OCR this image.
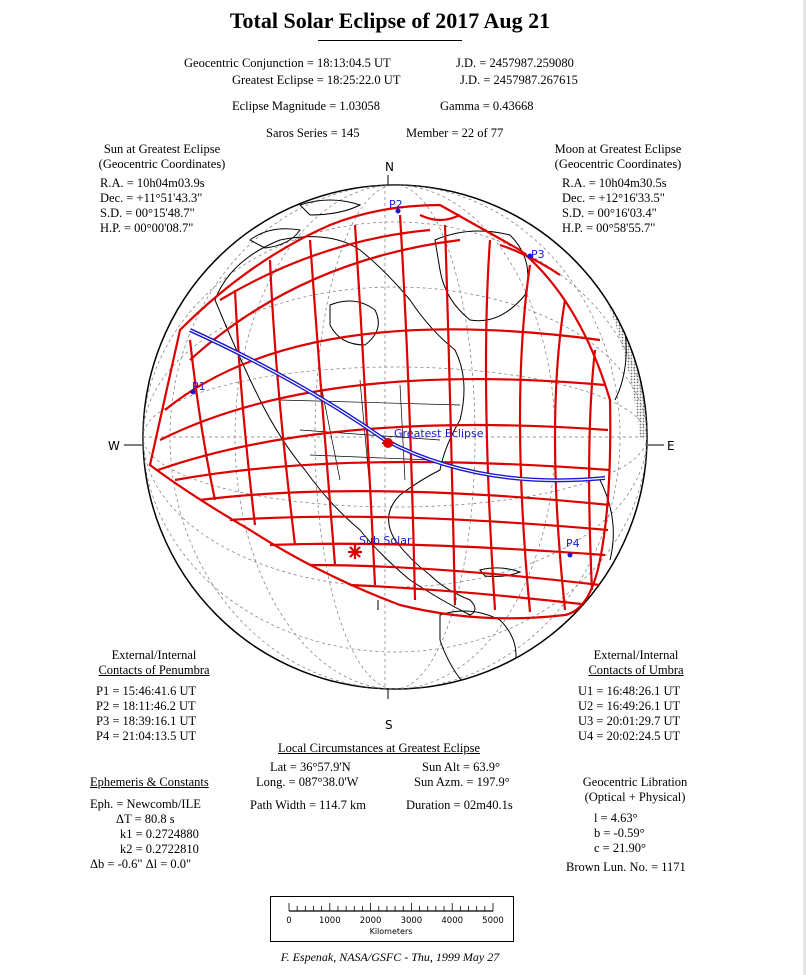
Total Solar Eclipse of 2017 Aug 21
Geocentric Conjunction = 18:13:04.5 UT	J.D. = 2457987.259080
Greatest Eclipse = 18:25:22.0 UT	J.D. = 2457987.267615
Eclipse Magnitude = 1.03058	Gamma = 0.43668
Saros Series = 145	Member = 22 of 77
Sun at Greatest Eclipse
(Geocentric Coordinates)
R.A. = 10h04m03.9s
Dec. = +11°51'43.3"
S.D. = 00°15'48.7"
H.P. = 00°00'08.7"
Moon at Greatest Eclipse
(Geocentric Coordinates)
R.A. = 10h04m30.5s
Dec. = +12°16'33.5"
S.D. = 00°16'03.4"
H.P. = 00°58'55.7"
P1
P2
P3
P4
Greatest Eclipse
Sub Solar
N
S
W	E
External/Internal
Contacts of Penumbra
P1 = 15:46:41.6 UT
P2 = 18:11:46.2 UT
P3 = 18:39:16.1 UT
P4 = 21:04:13.5 UT
External/Internal
Contacts of Umbra
U1 = 16:48:26.1 UT
U2 = 16:49:26.1 UT
U3 = 20:01:29.7 UT
U4 = 20:02:24.5 UT
Local Circumstances at Greatest Eclipse
Lat = 36°57.9'N
Long. = 087°38.0'W
Sun Alt = 63.9°
Sun Azm. = 197.9°
Path Width = 114.7 km	Duration = 02m40.1s
Ephemeris & Constants
Eph. = Newcomb/ILE
ΔT = 80.8 s
k1 = 0.2724880
k2 = 0.2722810
Δb = -0.6" Δl = 0.0"
Geocentric Libration
(Optical + Physical)
l = 4.63°
b = -0.59°
c = 21.90°
Brown Lun. No. = 1171
0	1000 2000 3000 4000 5000
Kilometers
F. Espenak, NASA/GSFC - Thu, 1999 May 27
